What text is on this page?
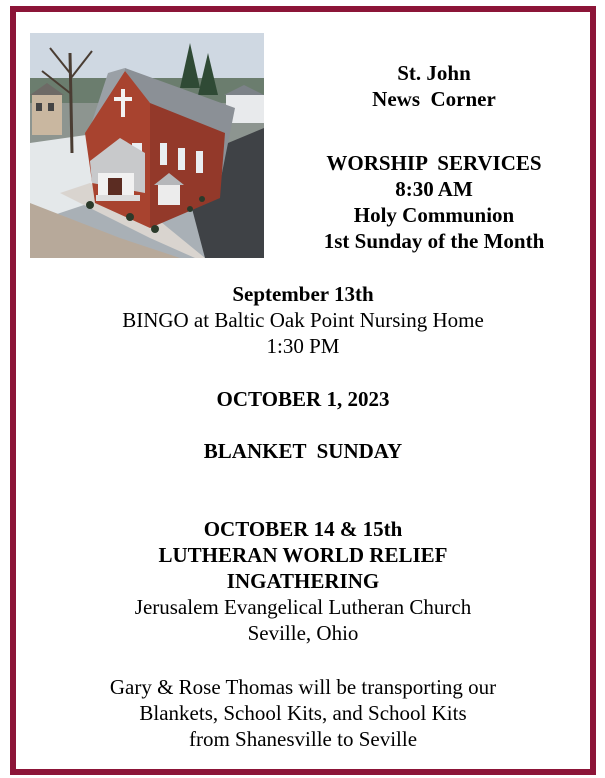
St. John
News  Corner
WORSHIP  SERVICES
8:30 AM
Holy Communion
1st Sunday of the Month
September 13th
BINGO at Baltic Oak Point Nursing Home
1:30 PM
OCTOBER 1, 2023
BLANKET  SUNDAY
OCTOBER 14 & 15th
LUTHERAN WORLD RELIEF
INGATHERING
Jerusalem Evangelical Lutheran Church
Seville, Ohio
Gary & Rose Thomas will be transporting our
Blankets, School Kits, and School Kits
from Shanesville to Seville
